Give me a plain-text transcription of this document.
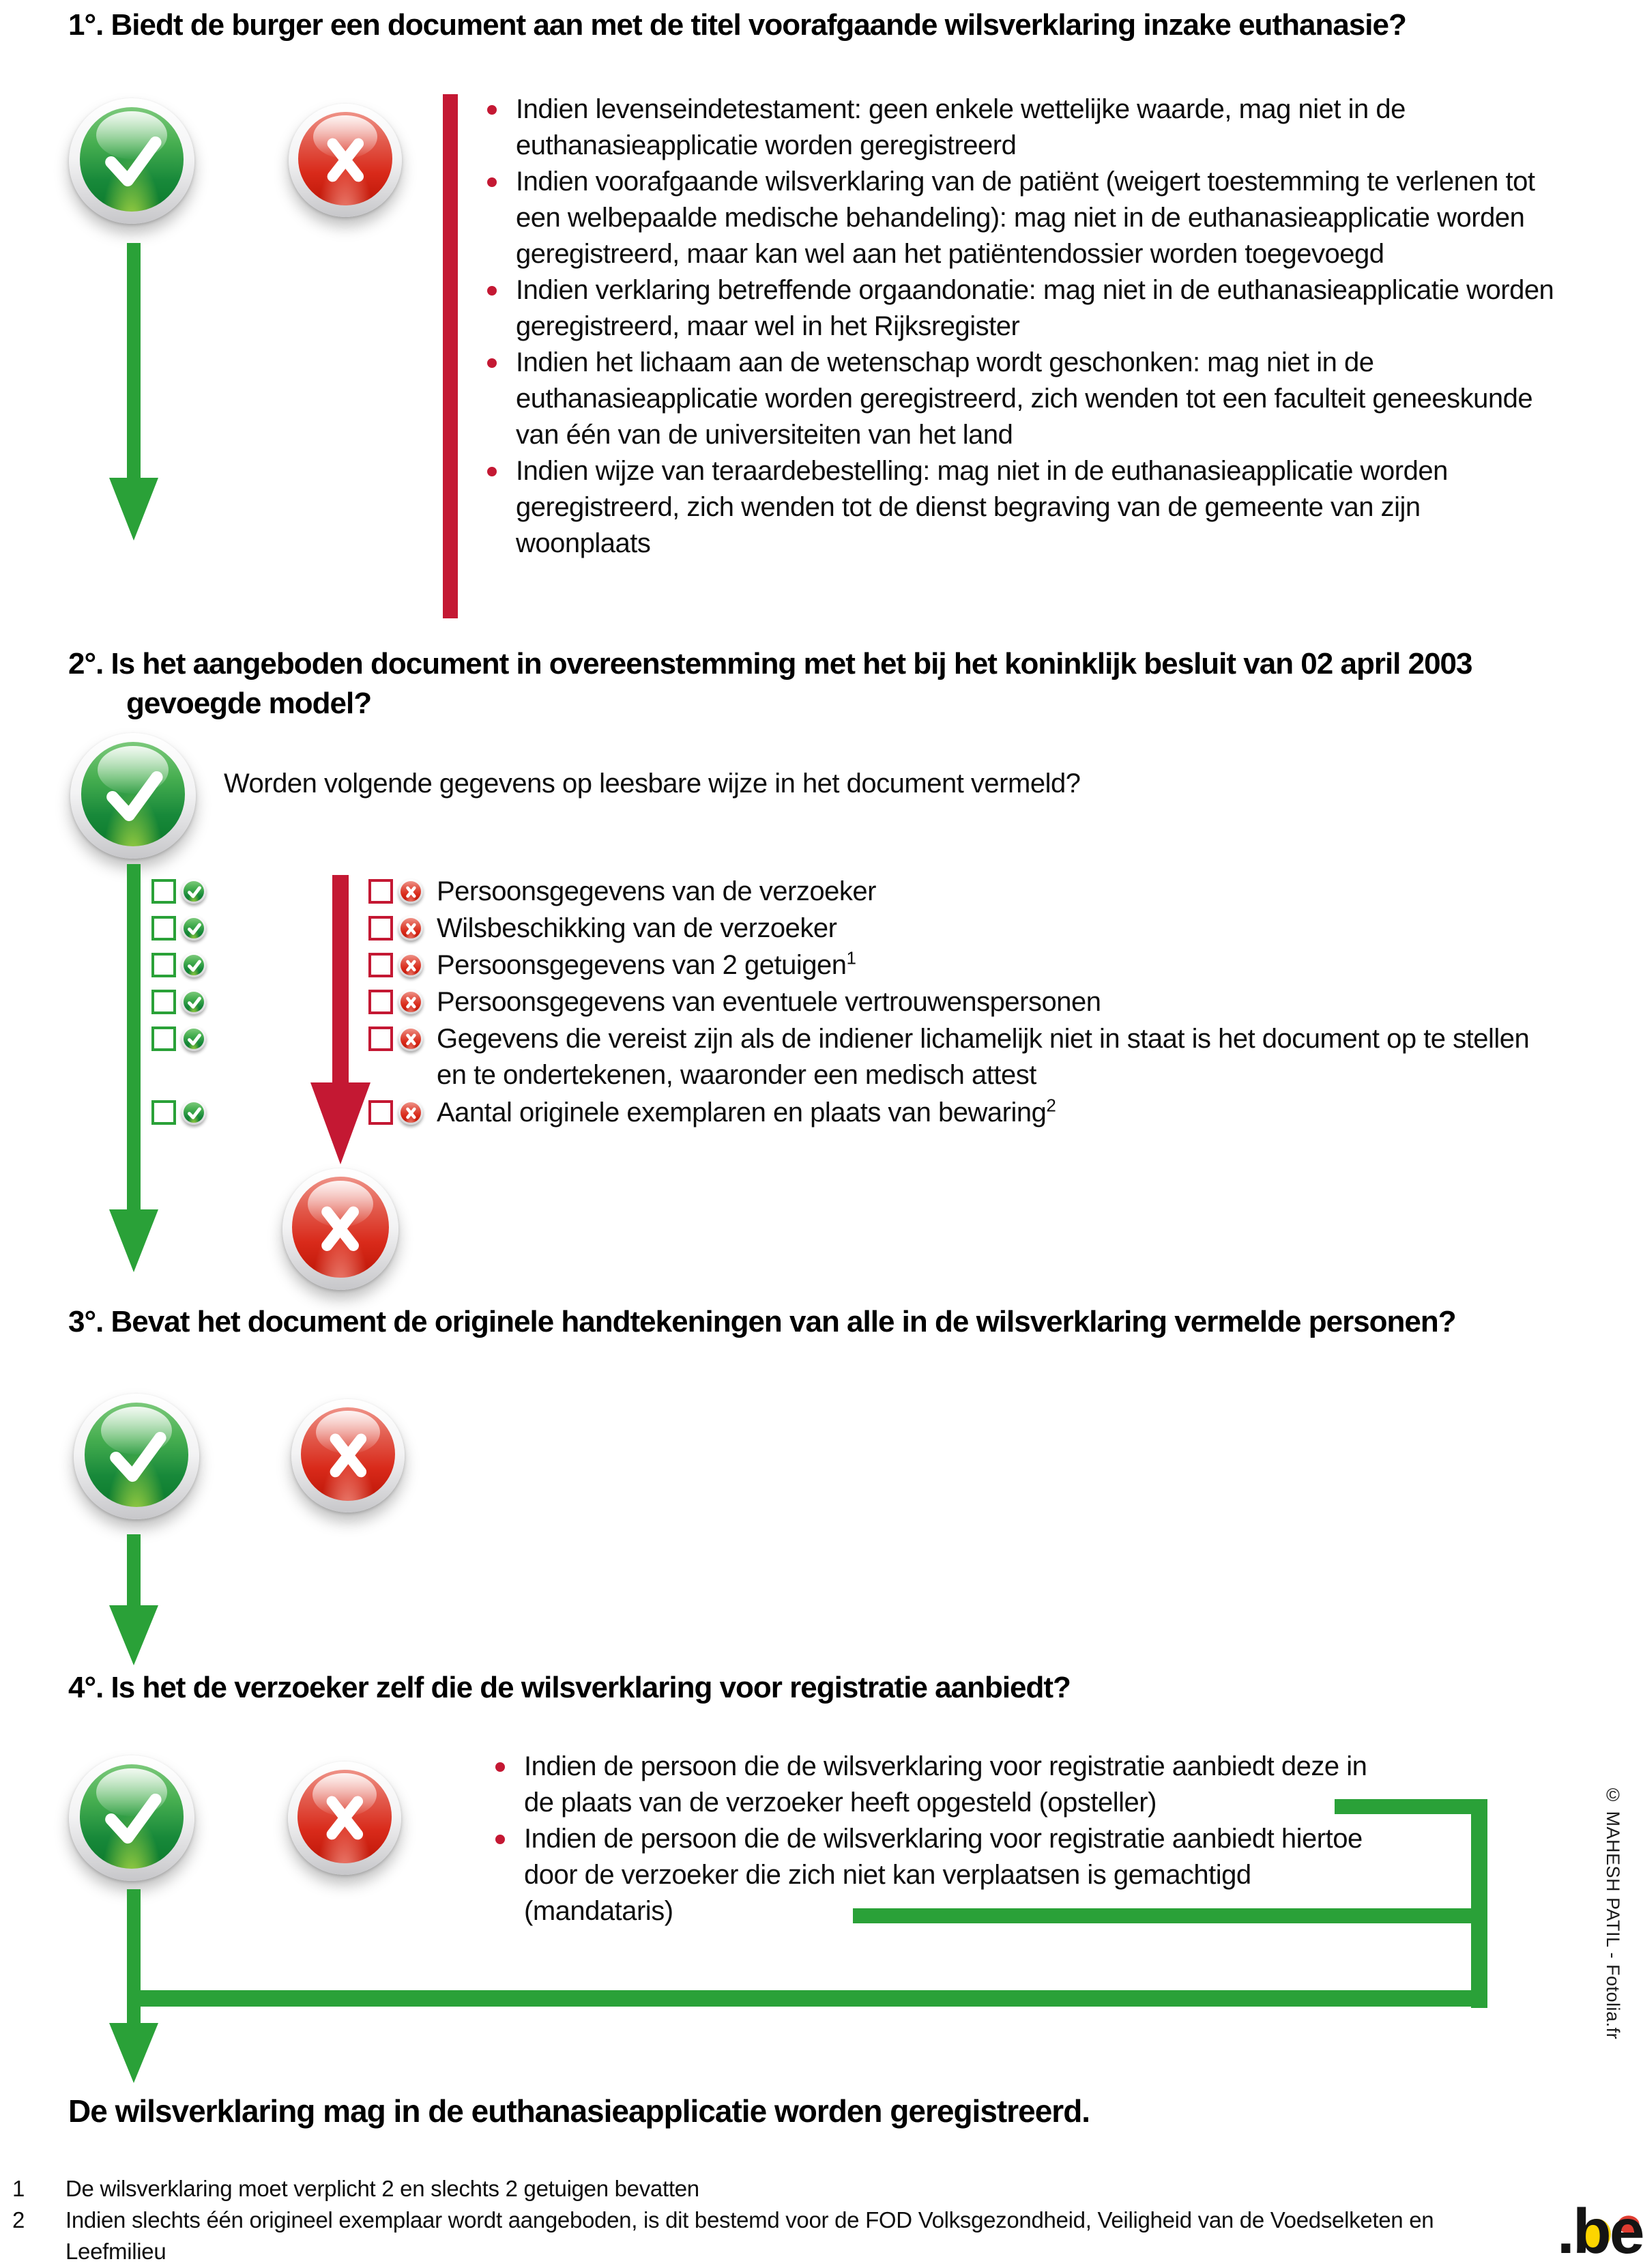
1°. Biedt de burger een document aan met de titel voorafgaande wilsverklaring inzake euthanasie?
Indien levenseindetestament: geen enkele wettelijke waarde, mag niet in de euthanasieapplicatie worden geregistreerd
Indien voorafgaande wilsverklaring van de patiënt (weigert toestemming te verlenen tot een welbepaalde medische behandeling): mag niet in de euthanasieapplicatie worden geregistreerd, maar kan wel aan het patiëntendossier worden toegevoegd
Indien verklaring betreffende orgaandonatie: mag niet in de euthanasieapplicatie worden geregistreerd, maar wel in het Rijksregister
Indien het lichaam aan de wetenschap wordt geschonken: mag niet in de euthanasieapplicatie worden geregistreerd, zich wenden tot een faculteit geneeskunde van één van de universiteiten van het land
Indien wijze van teraardebestelling: mag niet in de euthanasieapplicatie worden geregistreerd, zich wenden tot de dienst begraving van de gemeente van zijn woonplaats
2°. Is het aangeboden document in overeenstemming met het bij het koninklijk besluit van 02 april 2003 gevoegde model?
Worden volgende gegevens op leesbare wijze in het document vermeld?
Persoonsgegevens van de verzoeker
Wilsbeschikking van de verzoeker
Persoonsgegevens van 2 getuigen$^1$
Persoonsgegevens van eventuele vertrouwenspersonen
Gegevens die vereist zijn als de indiener lichamelijk niet in staat is het document op te stellen en te ondertekenen, waaronder een medisch attest
Aantal originele exemplaren en plaats van bewaring$^2$
3°. Bevat het document de originele handtekeningen van alle in de wilsverklaring vermelde personen?
4°. Is het de verzoeker zelf die de wilsverklaring voor registratie aanbiedt?
Indien de persoon die de wilsverklaring voor registratie aanbiedt deze in de plaats van de verzoeker heeft opgesteld (opsteller)
Indien de persoon die de wilsverklaring voor registratie aanbiedt hiertoe door de verzoeker die zich niet kan verplaatsen is gemachtigd (mandataris)

De wilsverklaring mag in de euthanasieapplicatie worden geregistreerd.

1	De wilsverklaring moet verplicht 2 en slechts 2 getuigen bevatten
2	Indien slechts één origineel exemplaar wordt aangeboden, is dit bestemd voor de FOD Volksgezondheid, Veiligheid van de Voedselketen en Leefmilieu
© MAHESH PATIL - Fotolia.fr
.be
